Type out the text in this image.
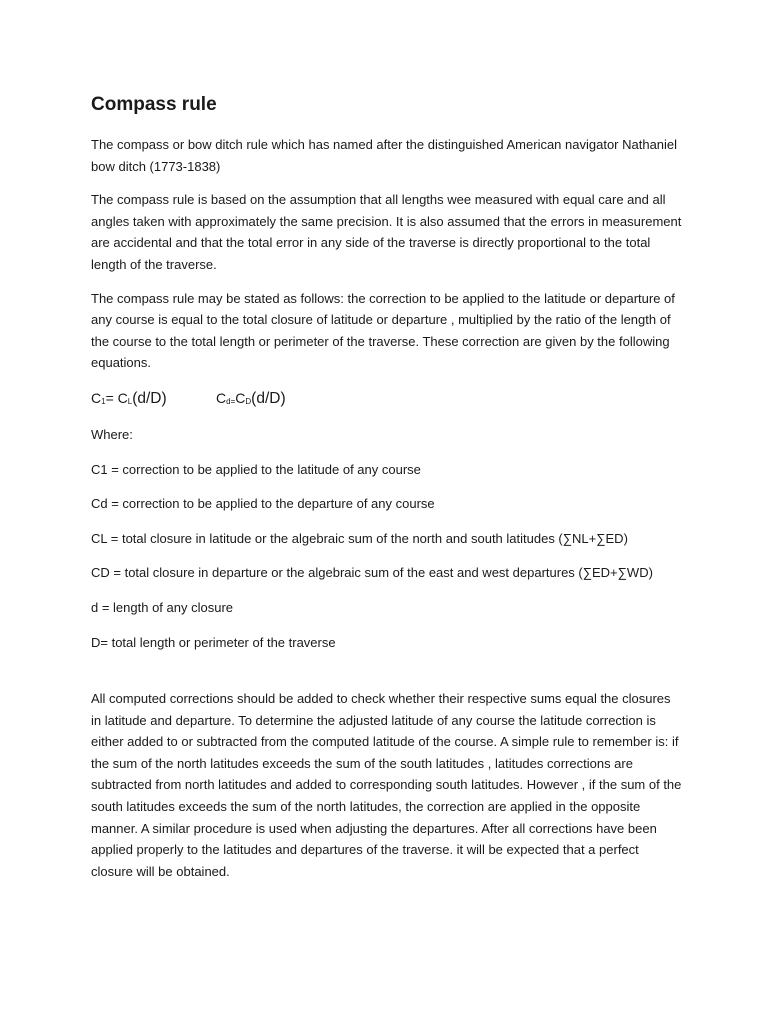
Compass rule

The compass or bow ditch rule which has named after the distinguished American navigator Nathaniel bow ditch (1773-1838)

The compass rule is based on the assumption that all lengths wee measured with equal care and all angles taken with approximately the same precision. It is also assumed that the errors in measurement are accidental and that the total error in any side of the traverse is directly proportional to the total length of the traverse.

The compass rule may be stated as follows: the correction to be applied to the latitude or departure of any course is equal to the total closure of latitude or departure , multiplied by the ratio of the length of the course to the total length or perimeter of the traverse. These correction are given by the following equations.

C1= CL(d/D)	Cd=CD(d/D)

Where:

C1 = correction to be applied to the latitude of any course

Cd = correction to be applied to the departure of any course

CL = total closure in latitude or the algebraic sum of the north and south latitudes (∑NL+∑ED)

CD = total closure in departure or the algebraic sum of the east and west departures (∑ED+∑WD)

d = length of any closure

D= total length or perimeter of the traverse

All computed corrections should be added to check whether their respective sums equal the closures in latitude and departure. To determine the adjusted latitude of any course the latitude correction is either added to or subtracted from the computed latitude of the course. A simple rule to remember is: if the sum of the north latitudes exceeds the sum of the south latitudes , latitudes corrections are subtracted from north latitudes and added to corresponding south latitudes. However , if the sum of the south latitudes exceeds the sum of the north latitudes, the correction are applied in the opposite manner. A similar procedure is used when adjusting the departures. After all corrections have been applied properly to the latitudes and departures of the traverse. it will be expected that a perfect closure will be obtained.
